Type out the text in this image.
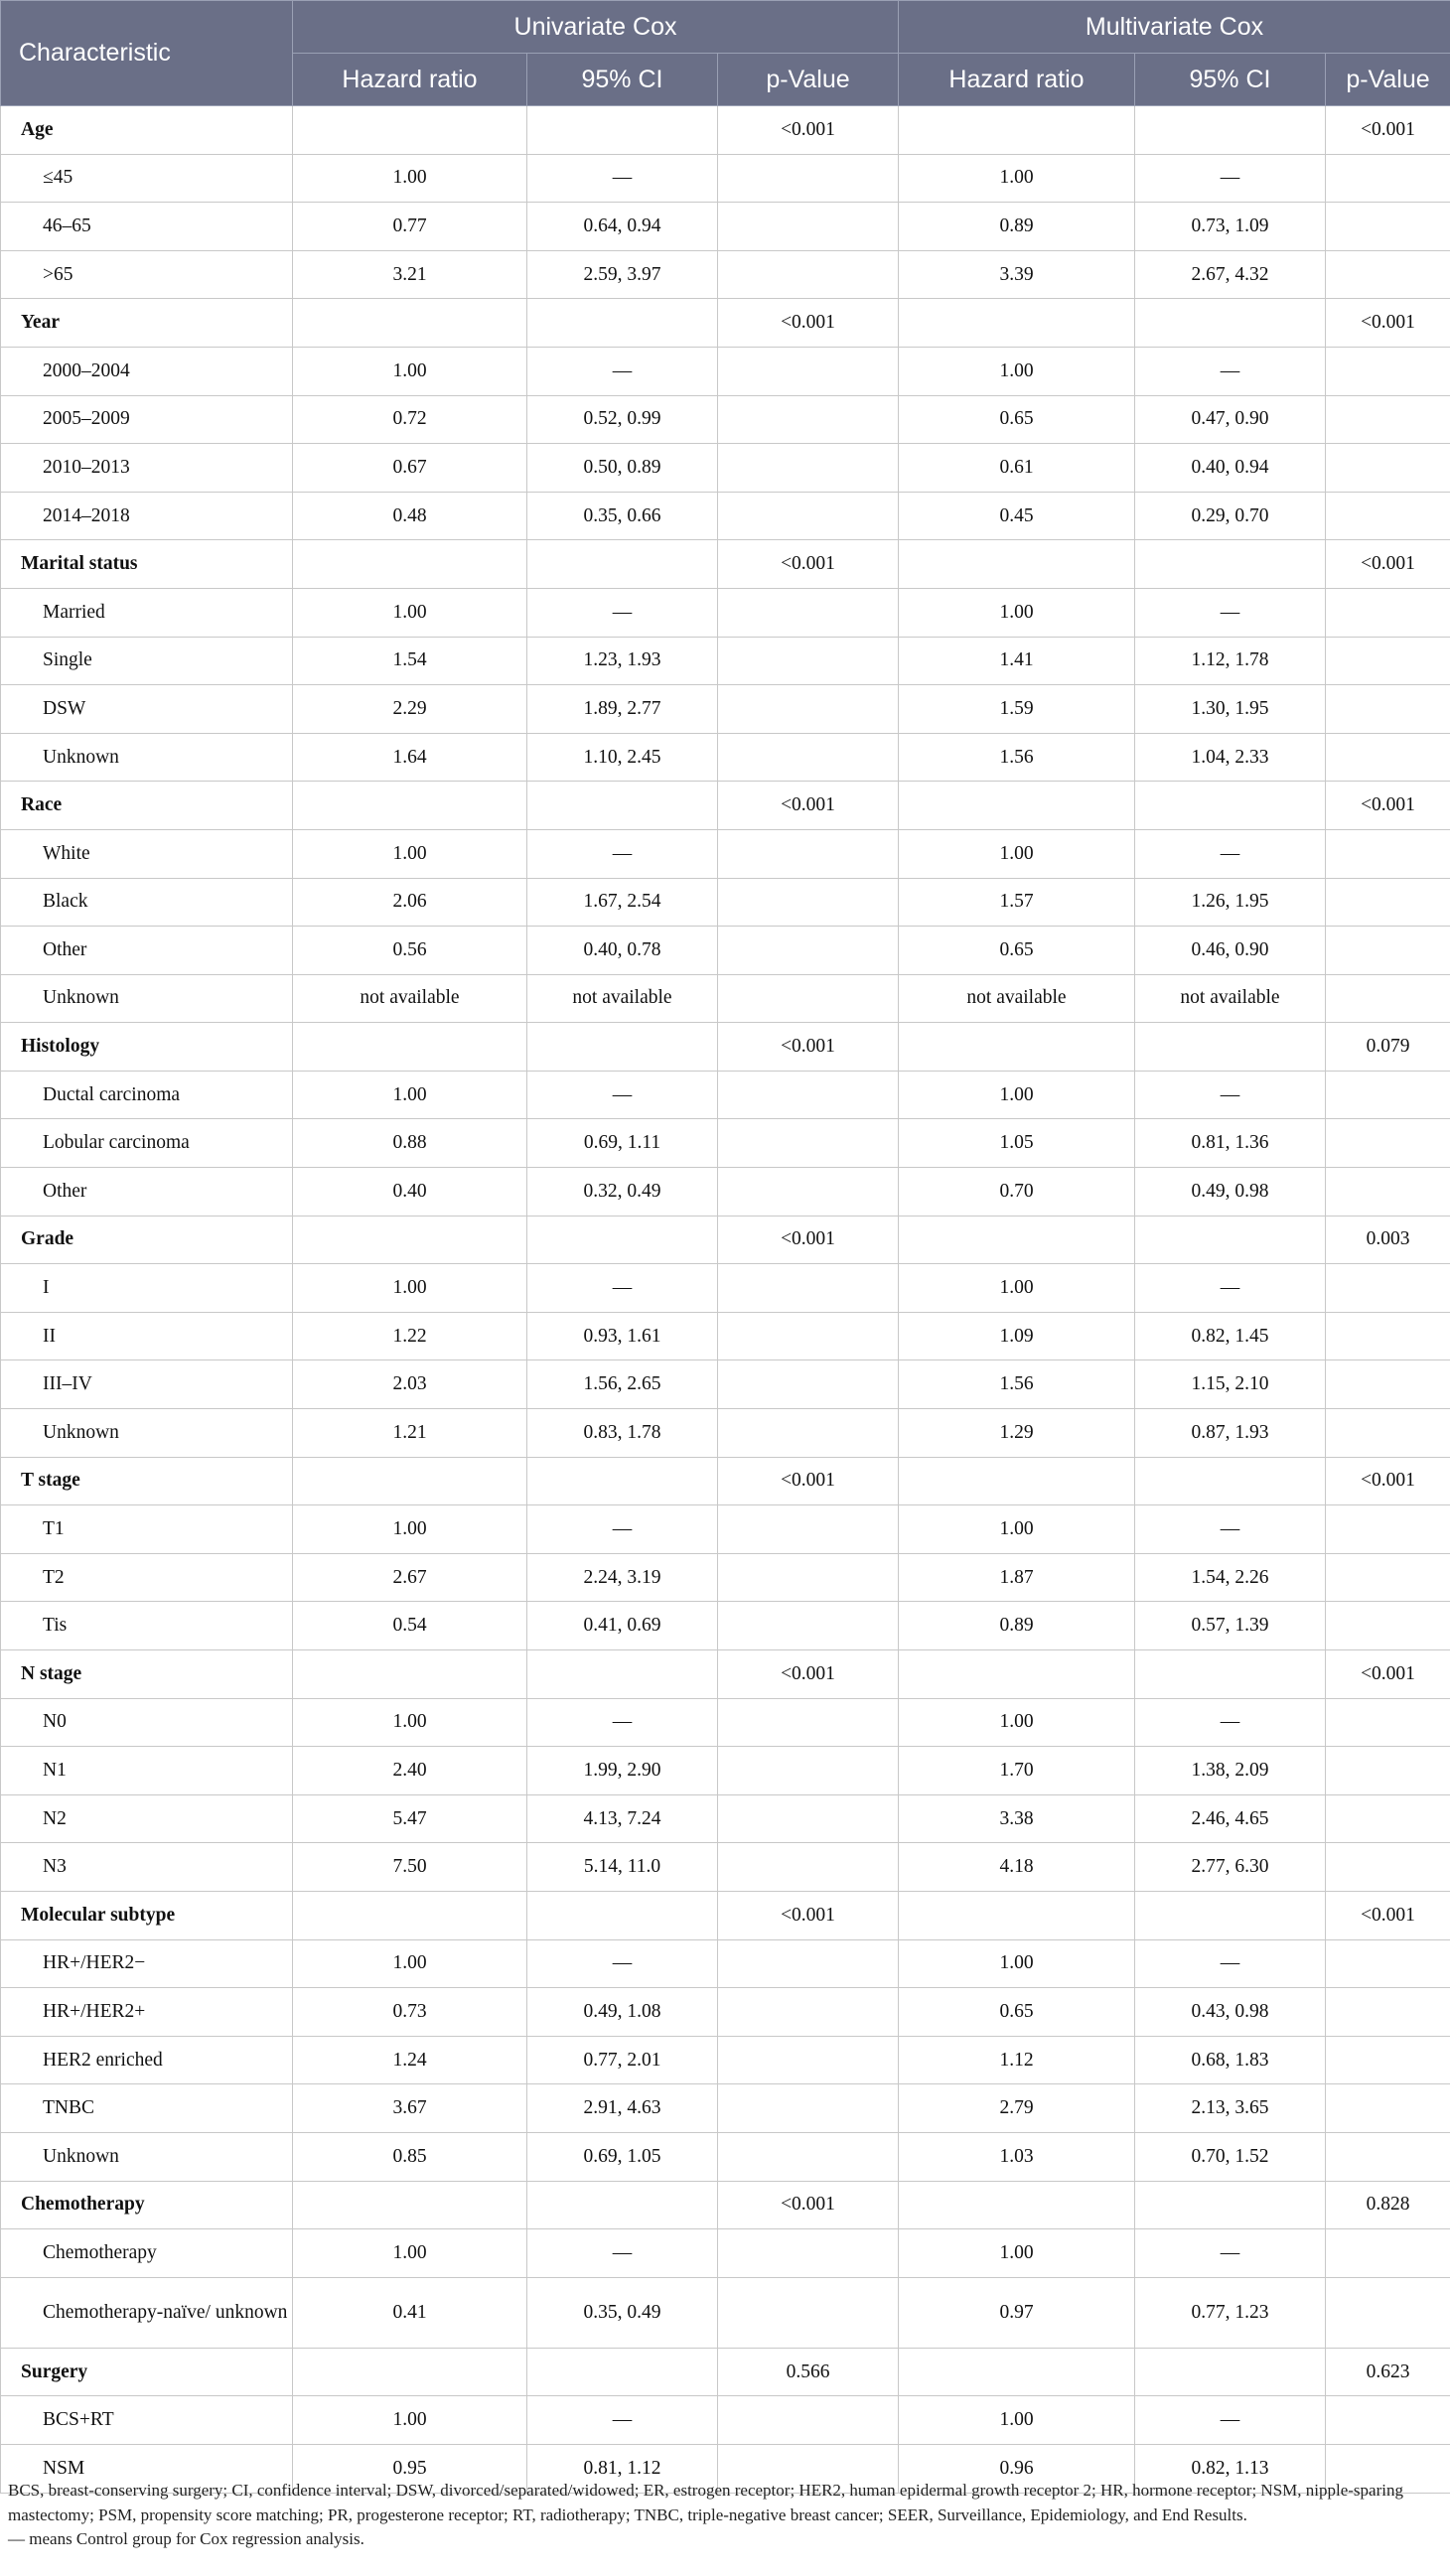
Characteristic	Univariate Cox			Multivariate Cox		
	Hazard ratio	95% CI	p-Value	Hazard ratio	95% CI	p-Value
Age			<0.001			<0.001
≤45	1.00	—		1.00	—	
46–65	0.77	0.64, 0.94		0.89	0.73, 1.09	
>65	3.21	2.59, 3.97		3.39	2.67, 4.32	
Year			<0.001			<0.001
2000–2004	1.00	—		1.00	—	
2005–2009	0.72	0.52, 0.99		0.65	0.47, 0.90	
2010–2013	0.67	0.50, 0.89		0.61	0.40, 0.94	
2014–2018	0.48	0.35, 0.66		0.45	0.29, 0.70	
Marital status			<0.001			<0.001
Married	1.00	—		1.00	—	
Single	1.54	1.23, 1.93		1.41	1.12, 1.78	
DSW	2.29	1.89, 2.77		1.59	1.30, 1.95	
Unknown	1.64	1.10, 2.45		1.56	1.04, 2.33	
Race			<0.001			<0.001
White	1.00	—		1.00	—	
Black	2.06	1.67, 2.54		1.57	1.26, 1.95	
Other	0.56	0.40, 0.78		0.65	0.46, 0.90	
Unknown	not available	not available		not available	not available	
Histology			<0.001			0.079
Ductal carcinoma	1.00	—		1.00	—	
Lobular carcinoma	0.88	0.69, 1.11		1.05	0.81, 1.36	
Other	0.40	0.32, 0.49		0.70	0.49, 0.98	
Grade			<0.001			0.003
I	1.00	—		1.00	—	
II	1.22	0.93, 1.61		1.09	0.82, 1.45	
III–IV	2.03	1.56, 2.65		1.56	1.15, 2.10	
Unknown	1.21	0.83, 1.78		1.29	0.87, 1.93	
T stage			<0.001			<0.001
T1	1.00	—		1.00	—	
T2	2.67	2.24, 3.19		1.87	1.54, 2.26	
Tis	0.54	0.41, 0.69		0.89	0.57, 1.39	
N stage			<0.001			<0.001
N0	1.00	—		1.00	—	
N1	2.40	1.99, 2.90		1.70	1.38, 2.09	
N2	5.47	4.13, 7.24		3.38	2.46, 4.65	
N3	7.50	5.14, 11.0		4.18	2.77, 6.30	
Molecular subtype			<0.001			<0.001
HR+/HER2−	1.00	—		1.00	—	
HR+/HER2+	0.73	0.49, 1.08		0.65	0.43, 0.98	
HER2 enriched	1.24	0.77, 2.01		1.12	0.68, 1.83	
TNBC	3.67	2.91, 4.63		2.79	2.13, 3.65	
Unknown	0.85	0.69, 1.05		1.03	0.70, 1.52	
Chemotherapy			<0.001			0.828
Chemotherapy	1.00	—		1.00	—	
Chemotherapy-naïve/ unknown	0.41	0.35, 0.49		0.97	0.77, 1.23	
Surgery			0.566			0.623
BCS+RT	1.00	—		1.00	—	
NSM	0.95	0.81, 1.12		0.96	0.82, 1.13	

BCS, breast-conserving surgery; CI, confidence interval; DSW, divorced/separated/widowed; ER, estrogen receptor; HER2, human epidermal growth receptor 2; HR, hormone receptor; NSM, nipple-sparing mastectomy; PSM, propensity score matching; PR, progesterone receptor; RT, radiotherapy; TNBC, triple-negative breast cancer; SEER, Surveillance, Epidemiology, and End Results.

— means Control group for Cox regression analysis.
